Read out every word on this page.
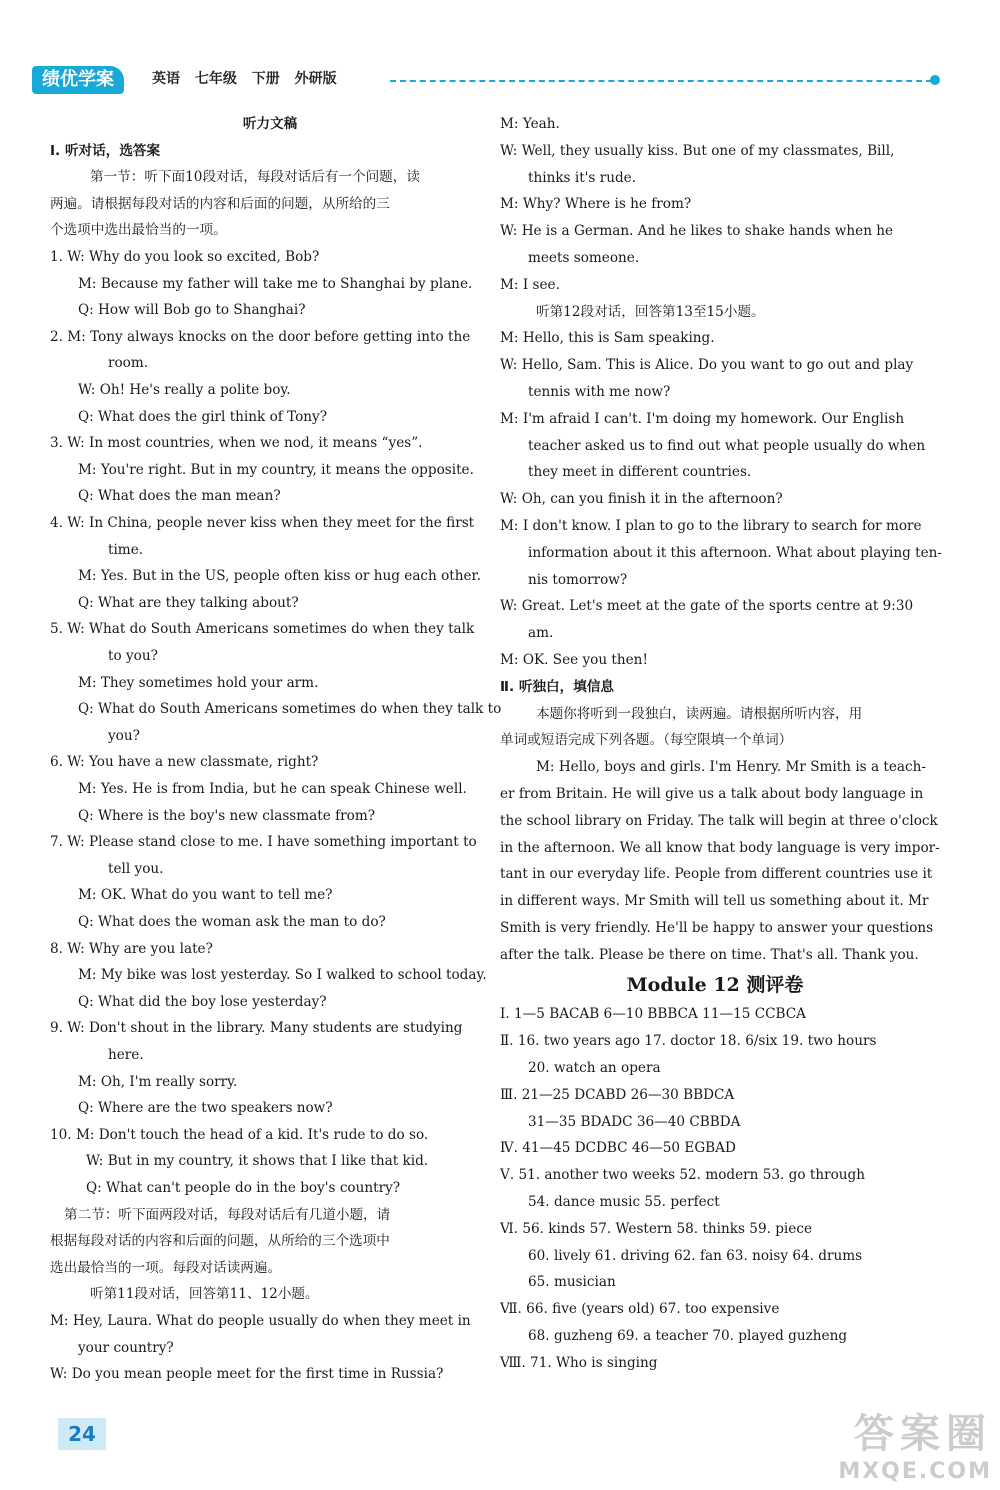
绩优学案	英语 七年级 下册 外研版
听力文稿
Ⅰ. 听对话，选答案
第一节：听下面10段对话，每段对话后有一个问题，读
两遍。请根据每段对话的内容和后面的问题，从所给的三
个选项中选出最恰当的一项。
1. W: Why do you look so excited, Bob?
M: Because my father will take me to Shanghai by plane.
Q: How will Bob go to Shanghai?
2. M: Tony always knocks on the door before getting into the
room.
W: Oh! He's really a polite boy.
Q: What does the girl think of Tony?
3. W: In most countries, when we nod, it means “yes”.
M: You're right. But in my country, it means the opposite.
Q: What does the man mean?
4. W: In China, people never kiss when they meet for the first
time.
M: Yes. But in the US, people often kiss or hug each other.
Q: What are they talking about?
5. W: What do South Americans sometimes do when they talk
to you?
M: They sometimes hold your arm.
Q: What do South Americans sometimes do when they talk to
you?
6. W: You have a new classmate, right?
M: Yes. He is from India, but he can speak Chinese well.
Q: Where is the boy's new classmate from?
7. W: Please stand close to me. I have something important to
tell you.
M: OK. What do you want to tell me?
Q: What does the woman ask the man to do?
8. W: Why are you late?
M: My bike was lost yesterday. So I walked to school today.
Q: What did the boy lose yesterday?
9. W: Don't shout in the library. Many students are studying
here.
M: Oh, I'm really sorry.
Q: Where are the two speakers now?
10. M: Don't touch the head of a kid. It's rude to do so.
W: But in my country, it shows that I like that kid.
Q: What can't people do in the boy's country?
第二节：听下面两段对话，每段对话后有几道小题，请
根据每段对话的内容和后面的问题，从所给的三个选项中
选出最恰当的一项。每段对话读两遍。
听第11段对话，回答第11、12小题。
M: Hey, Laura. What do people usually do when they meet in
your country?
W: Do you mean people meet for the first time in Russia?
M: Yeah.
W: Well, they usually kiss. But one of my classmates, Bill,
thinks it's rude.
M: Why? Where is he from?
W: He is a German. And he likes to shake hands when he
meets someone.
M: I see.
听第12段对话，回答第13至15小题。
M: Hello, this is Sam speaking.
W: Hello, Sam. This is Alice. Do you want to go out and play
tennis with me now?
M: I'm afraid I can't. I'm doing my homework. Our English
teacher asked us to find out what people usually do when
they meet in different countries.
W: Oh, can you finish it in the afternoon?
M: I don't know. I plan to go to the library to search for more
information about it this afternoon. What about playing ten-
nis tomorrow?
W: Great. Let's meet at the gate of the sports centre at 9:30
am.
M: OK. See you then!
Ⅱ. 听独白，填信息
本题你将听到一段独白，读两遍。请根据所听内容，用
单词或短语完成下列各题。（每空限填一个单词）
M: Hello, boys and girls. I'm Henry. Mr Smith is a teach-
er from Britain. He will give us a talk about body language in
the school library on Friday. The talk will begin at three o'clock
in the afternoon. We all know that body language is very impor-
tant in our everyday life. People from different countries use it
in different ways. Mr Smith will tell us something about it. Mr
Smith is very friendly. He'll be happy to answer your questions
after the talk. Please be there on time. That's all. Thank you.
Module 12 测评卷
Ⅰ. 1—5 BACAB 6—10 BBBCA 11—15 CCBCA
Ⅱ. 16. two years ago 17. doctor 18. 6/six 19. two hours
20. watch an opera
Ⅲ. 21—25 DCABD 26—30 BBDCA
31—35 BDADC 36—40 CBBDA
Ⅳ. 41—45 DCDBC 46—50 EGBAD
Ⅴ. 51. another two weeks 52. modern 53. go through
54. dance music 55. perfect
Ⅵ. 56. kinds 57. Western 58. thinks 59. piece
60. lively 61. driving 62. fan 63. noisy 64. drums
65. musician
Ⅶ. 66. five (years old) 67. too expensive
68. guzheng 69. a teacher 70. played guzheng
Ⅷ. 71. Who is singing
24	答案圈
MXQE.COM
